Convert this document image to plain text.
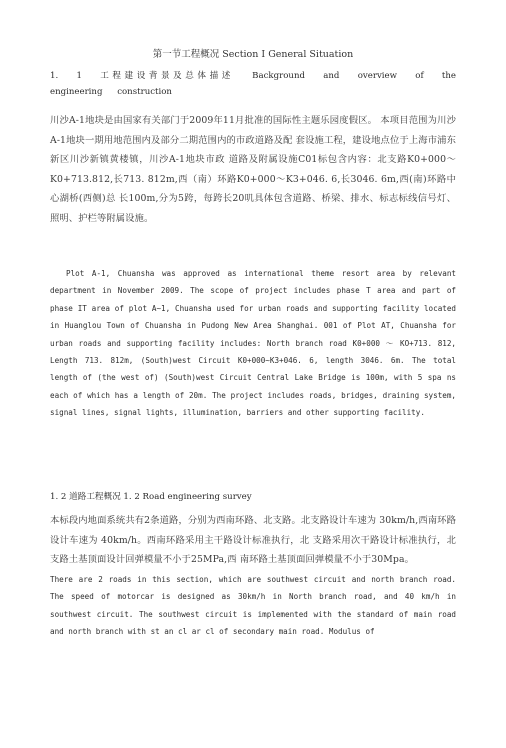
第一节工程概况 Section I General Situation

1. 1 工程建设背景及总体描述 Background and overview of the engineering construction

川沙A-1地块是由国家有关部门于2009年11月批准的国际性主题乐园度假区。 本项目范围为川沙A-1地块一期用地范围内及部分二期范围内的市政道路及配 套设施工程，建设地点位于上海市浦东新区川沙新镇黄楼镇，川沙A-1地块市政 道路及附属设施C01标包含内容：北支路K0+000～K0+713.812,长713. 812m,西（南）环路K0+000～K3+046. 6,长3046. 6m,西(南)环路中心湖桥(西侧)总 长100m,分为5跨，每跨长20叽具体包含道路、桥梁、排水、标志标线信号灯、 照明、护栏等附属设施。

Plot A-1, Chuansha was approved as international theme resort area by relevant department in November 2009. The scope of project includes phase T area and part of phase IT area of plot A~1, Chuansha used for urban roads and supporting facility located in Huanglou Town of Chuansha in Pudong New Area Shanghai. 001 of Plot AT, Chuansha for urban roads and supporting facility includes: North branch road K0+000 ～ KO+713. 812, Length 713. 812m, (South)west Circuit K0+000~K3+046. 6, length 3046. 6m. The total length of (the west of) (South)west Circuit Central Lake Bridge is 100m, with 5 spa ns each of which has a length of 20m. The project includes roads, bridges, draining system, signal lines, signal lights, illumination, barriers and other supporting facility.

1. 2 道路工程概况 1. 2 Road engineering survey

本标段内地面系统共有2条道路，分别为西南环路、北支路。北支路设计车速为 30km/h,西南环路设计车速为 40km/h。西南环路采用主干路设计标准执行，北 支路采用次干路设计标准执行，北支路土基顶面设计回弹模量不小于25MPa,西 南环路土基顶面回弹模量不小于30Mpa。

There are 2 roads in this section, which are southwest circuit and north branch road. The speed of motorcar is designed as 30km/h in North branch road, and 40 km/h in southwest circuit. The southwest circuit is implemented with the standard of main road and north branch with st an cl ar cl of secondary main road. Modulus of
